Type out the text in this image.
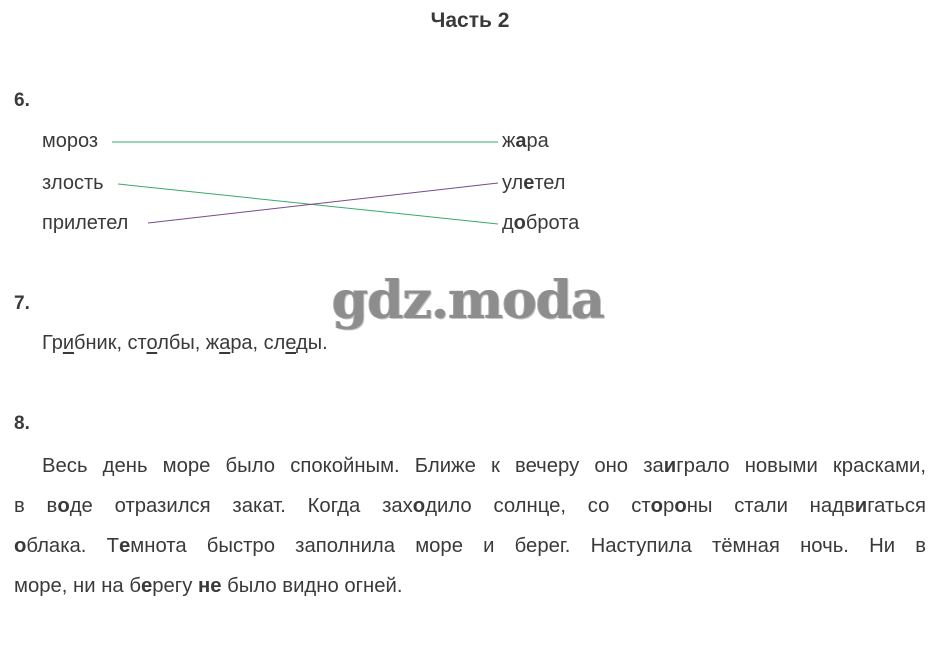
Часть 2
6.
мороз
злость
прилетел
жара
улетел
доброта
gdz.moda
7.
Грибник, столбы, жара, следы.
8.
Весь день море было спокойным. Ближе к вечеру оно заиграло новыми красками,
в воде отразился закат. Когда заходило солнце, со стороны стали надвигаться
облака. Темнота быстро заполнила море и берег. Наступила тёмная ночь. Ни в
море, ни на берегу не было видно огней.
